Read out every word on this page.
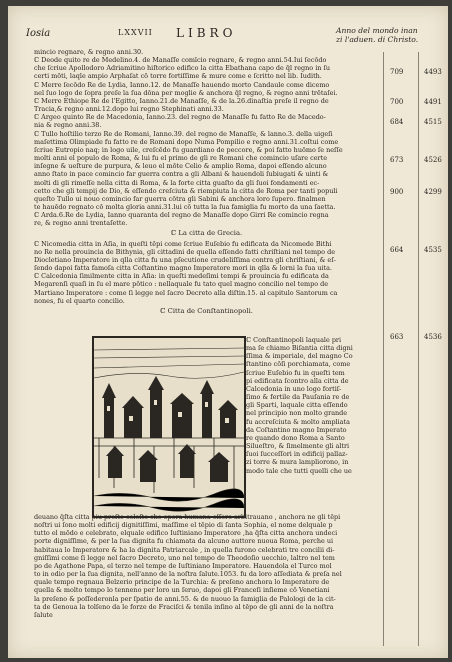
Iosia	LXXVII LIBRO	Anno del mondo inan
zi l'aduen. di Christo.
mincio regnare, & regno anni.30.
ℂ Deode quito re de Medelino.4. de Manaſſe comīcio regnare, & regno anni.54.Iui ſecōdo
che ſcriue Apollodoro Adriamitino hiſtorico edifico la citta Ebathana capo de q̄l regno in ſu
certi mōti, laqle ampio Arphaſat cō torre fortiſſime & mure come e ſcritto nel lib. Iudith.
ℂ Merre ſecōdo Re de Lydia, Ianno.12. de Manaſſe hauendo morto Candaule come dicemo
nel ſuo logo de ſopra preſe la ſua dōna per moglie & anchora q̄l regno, & regno anni trētaſei.
ℂ Merre Ethiope Re de l'Egitto, Ianno.21.de Manaſſe, & de la.26.dinaſtia preſe il regno de
Tracia,& regno anni.12.dopo lui regno Stephinati anni.33.
ℂ Argeo quinto Re de Macedonia, Ianno.23. del regno de Manaſſe fu fatto Re de Macedo-
nia & regno anni.38.
ℂ Tullo hoſtilio terzo Re de Romani, Ianno.39. del regno de Manaſſe, & lanno.3. della uigeſi
maſettima Olimpiade fu fatto re de Romani dopo Numa Pompilio e regno anni.31.coſtui come
ſcriue Eutropio naq; in logo uile, creſcēdo fu guardiano de peccore, & poi fatto huōmo ſe neſſe
molti anni el populo de Roma, & lui fu el primo de gli re Romani che comincio uſare certe
inſegne & ueſture de purpura, & leuo el mōte Celio & amplio Roma, dapoi eſſendo alcuno
anno ſtato in pace comincio far guerra contra a gli Albani & hauendoli ſubiugati & uinti &
molti di gli rimeſſe nella citta di Roma, & la forte citta guaſto da gli ſuoi fondamenti ec-
cetto che gli tempij de Dio, & eſſendo creſciuta & riempiuta la citta de Roma per tanti populi
queſto Tullo ui nouo comincio far guerra cōtra gli Sabini & anchora loro ſupero. finalmen
te hauēdo regnato cō molta gloria anni.31.lui cō tutta la ſua famiglia fu morto da una ſaetta.
ℂ Arda.6.Re de Lydia, Ianno quaranta del regno de Manaſſe dopo Girri Re comincio regna
re, & regno anni trentaſette.
ℂ La citta de Grecia.
ℂ Nicomedia citta in Aſia, in queſti tēpi come ſcriue Euſebio fu edificata da Nicomede Bithi
no Re nella prouincia de Bithynia, gli cittadini de quella eſſendo fatti chriſtiani nel tempo de
Diocletiano Imperatore in qlla citta fu una pſecutione crudeliſſima contra gli chriſtiani, & eſ-
ſendo dapoi fatta famoſa citta Coſtantino magno Imperatore mori in qlla & lorni la ſua uita.
ℂ Calcedonia ſimilmente citta in Aſia: in queſti medeſimi tempi & prouincia fu edificata da
Megarenſi quaſi in ſu el mare pōtico : nellaquale fu tato quel magno concilio nel tempo de
Martiano Imperatore : come ſi legge nel ſacro Decreto alla diſtin.15. al capitulo Santorum ca
nones, fu el quarto concilio.
ℂ Citta de Conſtantinopoli.
ℂ Conſtantinopoli laquale pri
ma ſe chiamo Biſantia citta digni
ſſima & imperiale, del magno Co
ſtantino cōſi porchiamata, come
ſcriue Euſebio fu in queſti tem
pi edificata ſcontro alla citta de
Calcedonia in uno logo fortiſ-
ſimo & fertile da Pauſania re de
gli Sparti, laquale citta eſſendo
nel principio non molto grande
fu accreſciuta & molto ampliata
da Coſtantino magno Imperato
re quando dono Roma a Santo
Silueſtro, & ſimelmente gli altri
ſuoi ſucceſſori in edificij pallaz-
zi torre & mura lampliorono, in
modo tale che tutti quelli che ue
deuano q̄ſta citta piu preſto celeſte che opera humana eſſere arbitrauano , anchora ne gli tēpi
noſtri ui ſono molti edificij dignitiſſimi, maſſime el tēpio di ſanta Sophia, el nome delquale p
tutto el mōdo e celebrato, elquale edifico Iuſtiniano Imperatore ,ha q̄ſta citta anchora undeci
porte digniſſime, & per la ſua dignita fu chiamata da alcuno auttore nuoua Roma, perche ui
habitaua lo Imperatore & ha la dignita Patriarcale , in quella furono celebrati tre concilii di-
gniſſimi come ſi legge nel ſacro Decreto, uno nel tempo de Theodoſio uecchio, laltro nel tem
po de Agathone Papa, el terzo nel tempe de Iuſtiniano Imperatore. Hauendola el Turco mol
to in odio per la ſua dignita, nell'anno de la noſtra ſalute.1053. fu da loro aſſediata & preſa nel
quale tempo regnaua Belzerio principe de la Turchia: & preſeno anchora lo Imperatore de
quella & molto tempo lo tenneno per loro un ſeruo, dapoi gli Franceſi inſieme cō Venetiani
la preſeno & poſſederonla per ſpatio de anni.55. & de nuouo la famiglia de Palologi de la cit-
ta de Genoua la tolſeno da le forze de Fraciſci & tenila inſino al tēpo de gli anni de la noſtra
ſalute
709	4493
700	4491
684	4515
673	4526
900	4299
664	4535
663	4536
